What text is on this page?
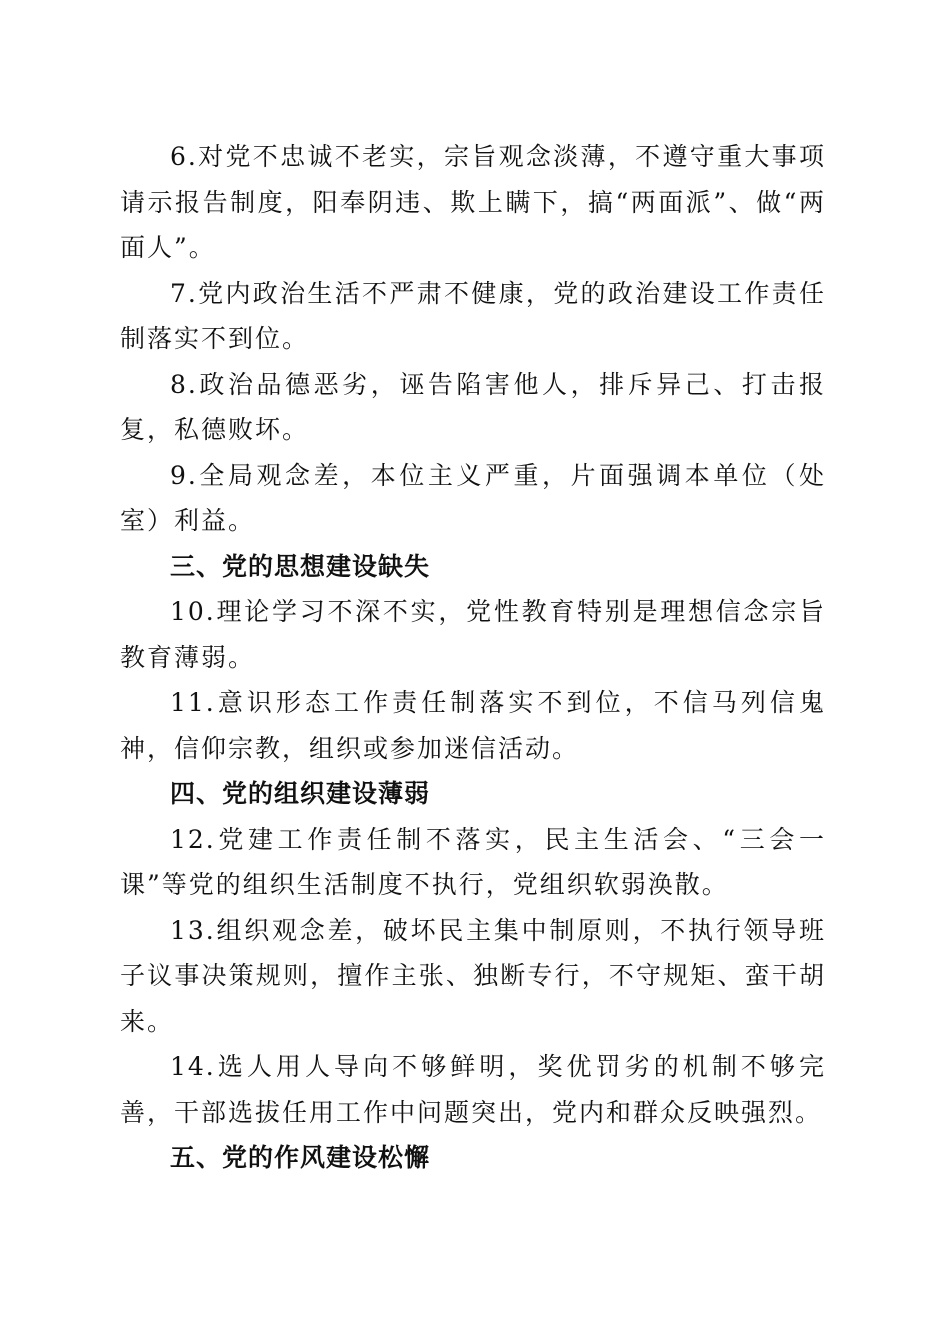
6.对党不忠诚不老实，宗旨观念淡薄，不遵守重大事项请示报告制度，阳奉阴违、欺上瞒下，搞“两面派”、做“两面人”。

7.党内政治生活不严肃不健康，党的政治建设工作责任制落实不到位。

8.政治品德恶劣，诬告陷害他人，排斥异己、打击报复，私德败坏。

9.全局观念差，本位主义严重，片面强调本单位（处室）利益。

三、党的思想建设缺失

10.理论学习不深不实，党性教育特别是理想信念宗旨教育薄弱。

11.意识形态工作责任制落实不到位，不信马列信鬼神，信仰宗教，组织或参加迷信活动。

四、党的组织建设薄弱

12.党建工作责任制不落实，民主生活会、“三会一课”等党的组织生活制度不执行，党组织软弱涣散。

13.组织观念差，破坏民主集中制原则，不执行领导班子议事决策规则，擅作主张、独断专行，不守规矩、蛮干胡来。

14.选人用人导向不够鲜明，奖优罚劣的机制不够完善，干部选拔任用工作中问题突出，党内和群众反映强烈。

五、党的作风建设松懈
